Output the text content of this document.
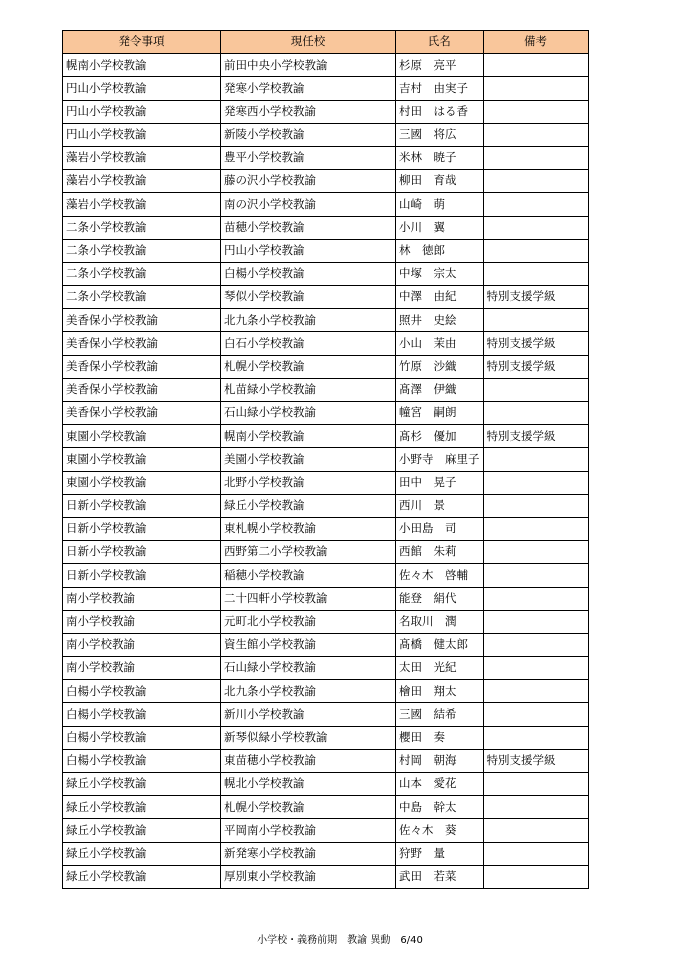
発令事項	現任校	氏名	備考
幌南小学校教諭	前田中央小学校教諭	杉原　亮平	
円山小学校教諭	発寒小学校教諭	吉村　由実子	
円山小学校教諭	発寒西小学校教諭	村田　はる香	
円山小学校教諭	新陵小学校教諭	三國　将広	
藻岩小学校教諭	豊平小学校教諭	米林　暁子	
藻岩小学校教諭	藤の沢小学校教諭	柳田　育哉	
藻岩小学校教諭	南の沢小学校教諭	山崎　萌	
二条小学校教諭	苗穂小学校教諭	小川　翼	
二条小学校教諭	円山小学校教諭	林　徳郎	
二条小学校教諭	白楊小学校教諭	中塚　宗太	
二条小学校教諭	琴似小学校教諭	中澤　由紀	特別支援学級
美香保小学校教諭	北九条小学校教諭	照井　史絵	
美香保小学校教諭	白石小学校教諭	小山　茉由	特別支援学級
美香保小学校教諭	札幌小学校教諭	竹原　沙織	特別支援学級
美香保小学校教諭	札苗緑小学校教諭	髙澤　伊織	
美香保小学校教諭	石山緑小学校教諭	幢宮　嗣朗	
東園小学校教諭	幌南小学校教諭	髙杉　優加	特別支援学級
東園小学校教諭	美園小学校教諭	小野寺　麻里子	
東園小学校教諭	北野小学校教諭	田中　晃子	
日新小学校教諭	緑丘小学校教諭	西川　景	
日新小学校教諭	東札幌小学校教諭	小田島　司	
日新小学校教諭	西野第二小学校教諭	西館　朱莉	
日新小学校教諭	稲穂小学校教諭	佐々木　啓輔	
南小学校教諭	二十四軒小学校教諭	能登　絹代	
南小学校教諭	元町北小学校教諭	名取川　潤	
南小学校教諭	資生館小学校教諭	髙橋　健太郎	
南小学校教諭	石山緑小学校教諭	太田　光紀	
白楊小学校教諭	北九条小学校教諭	檜田　翔太	
白楊小学校教諭	新川小学校教諭	三國　結希	
白楊小学校教諭	新琴似緑小学校教諭	櫻田　奏	
白楊小学校教諭	東苗穂小学校教諭	村岡　朝海	特別支援学級
緑丘小学校教諭	幌北小学校教諭	山本　愛花	
緑丘小学校教諭	札幌小学校教諭	中島　幹太	
緑丘小学校教諭	平岡南小学校教諭	佐々木　葵	
緑丘小学校教諭	新発寒小学校教諭	狩野　量	
緑丘小学校教諭	厚別東小学校教諭	武田　若菜	
小学校・義務前期　教諭 異動　6/40
